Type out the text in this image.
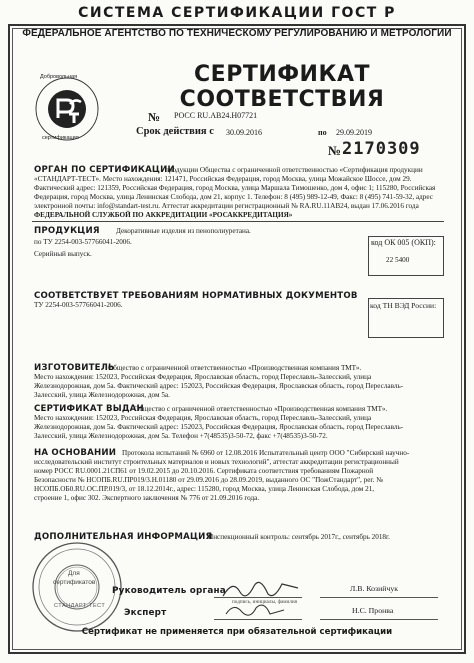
СИСТЕМА СЕРТИФИКАЦИИ ГОСТ Р
ФЕДЕРАЛЬНОЕ АГЕНТСТВО ПО ТЕХНИЧЕСКОМУ РЕГУЛИРОВАНИЮ И МЕТРОЛОГИИ
Добровольная
сертификация
СЕРТИФИКАТ СООТВЕТСТВИЯ
№ РОСС RU.АВ24.Н07721
Срок действия с 30.09.2016	по 29.09.2019
№ 2170309
ОРГАН ПО СЕРТИФИКАЦИИ
продукции Общества с ограниченной ответственностью «Сертификация продукции
«СТАНДАРТ-ТЕСТ». Место нахождения: 121471, Российская Федерация, город Москва, улица Можайское Шоссе, дом 29.
Фактический адрес: 121359, Российская Федерация, город Москва, улица Маршала Тимошенко, дом 4, офис 1; 115280, Российская
Федерация, город Москва, улица Ленинская Слобода, дом 21, корпус 1. Телефон: 8 (495) 989-12-49, Факс: 8 (495) 741-59-32, адрес
электронной почты: info@standart-test.ru. Аттестат аккредитации регистрационный № RA.RU.11АВ24, выдан 17.06.2016 года
ФЕДЕРАЛЬНОЙ СЛУЖБОЙ ПО АККРЕДИТАЦИИ «РОСАККРЕДИТАЦИЯ»
ПРОДУКЦИЯ Декоративные изделия из пенополиуретана.
по ТУ 2254-003-57766041-2006.
Серийный выпуск.
код ОК 005 (ОКП):
22 5400
СООТВЕТСТВУЕТ ТРЕБОВАНИЯМ НОРМАТИВНЫХ ДОКУМЕНТОВ
ТУ 2254-003-57766041-2006.	код ТН ВЭД России:
ИЗГОТОВИТЕЛЬ
Общество с ограниченной ответственностью «Производственная компания ТМТ».
Место нахождения: 152023, Российская Федерация, Ярославская область, город Переславль-Залесский, улица
Железнодорожная, дом 5а. Фактический адрес: 152023, Российская Федерация, Ярославская область, город Переславль-
Залесский, улица Железнодорожная, дом 5а.
СЕРТИФИКАТ ВЫДАН
Общество с ограниченной ответственностью «Производственная компания ТМТ».
Место нахождения: 152023, Российская Федерация, Ярославская область, город Переславль-Залесский, улица
Железнодорожная, дом 5а. Фактический адрес: 152023, Российская Федерация, Ярославская область, город Переславль-
Залесский, улица Железнодорожная, дом 5а. Телефон +7(48535)3-50-72, факс +7(48535)3-50-72.
НА ОСНОВАНИИ Протокола испытаний № 6960 от 12.08.2016 Испытательный центр ООО "Сибирский научно-
исследовательский институт строительных материалов и новых технологий", аттестат аккредитации регистрационный
номер РОСС RU.0001.21СП61 от 19.02.2015 до 20.10.2016. Сертификата соответствия требованиям Пожарной
Безопасности № НСОПБ.RU.ПР019/3.Н.01180 от 29.09.2016 до 28.09.2019, выданного ОС "ПожСтандарт", рег. №
НСОПБ.ОБ0.RU.ОС.ПР.019/3, от 18.12.2014г., адрес: 115280, город Москва, улица Ленинская Слобода, дом 21,
строение 1, офис 302. Экспертного заключения № 776 от 21.09.2016 года.
ДОПОЛНИТЕЛЬНАЯ ИНФОРМАЦИЯ
Инспекционный контроль: сентябрь 2017г., сентябрь 2018г.
Для
сертификатов
СТАНДАРТ-ТЕСТ
Руководитель органа	Л.В. Козийчук
подпись, инициалы, фамилия
Эксперт	Н.С. Пронва
Сертификат не применяется при обязательной сертификации
